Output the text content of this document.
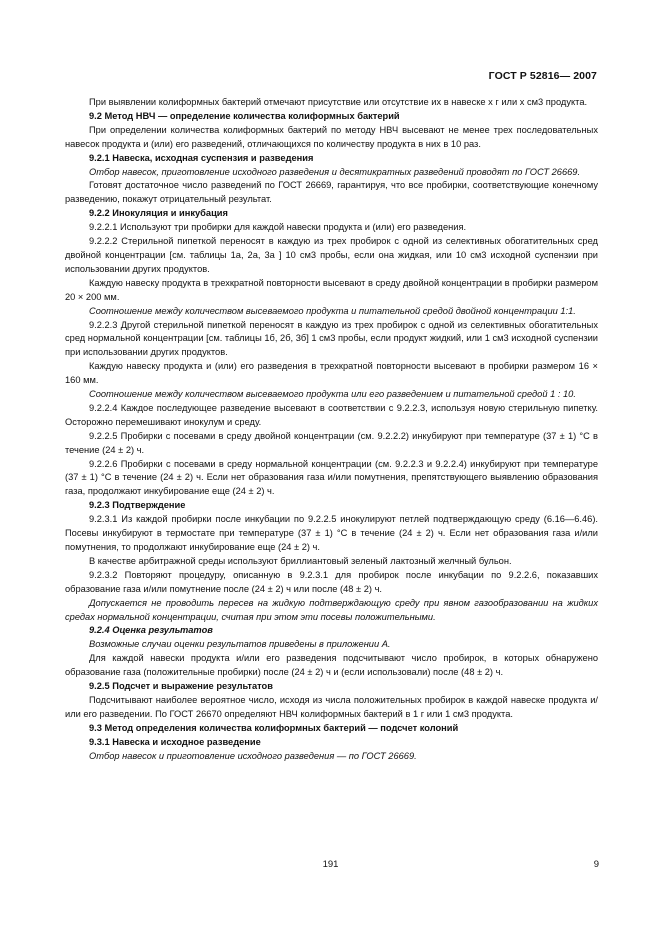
ГОСТ Р 52816— 2007

При выявлении колиформных бактерий отмечают присутствие или отсутствие их в навеске x г или x см3 продукта.

9.2 Метод НВЧ — определение количества колиформных бактерий

При определении количества колиформных бактерий по методу НВЧ высевают не менее трех последовательных навесок продукта и (или) его разведений, отличающихся по количеству продукта в них в 10 раз.

9.2.1 Навеска, исходная суспензия и разведения

Отбор навесок, приготовление исходного разведения и десятикратных разведений проводят по ГОСТ 26669.

Готовят достаточное число разведений по ГОСТ 26669, гарантируя, что все пробирки, соответствующие конечному разведению, покажут отрицательный результат.

9.2.2 Инокуляция и инкубация

9.2.2.1 Используют три пробирки для каждой навески продукта и (или) его разведения.

9.2.2.2 Стерильной пипеткой переносят в каждую из трех пробирок с одной из селективных обогатительных сред двойной концентрации [см. таблицы 1а, 2а, 3а ] 10 см3 пробы, если она жидкая, или 10 см3 исходной суспензии при использовании других продуктов.

Каждую навеску продукта в трехкратной повторности высевают в среду двойной концентрации в пробирки размером 20 × 200 мм.

Соотношение между количеством высеваемого продукта и питательной средой двойной концентрации 1:1.

9.2.2.3 Другой стерильной пипеткой переносят в каждую из трех пробирок с одной из селективных обогатительных сред нормальной концентрации [см. таблицы 1б, 2б, 3б] 1 см3 пробы, если продукт жидкий, или 1 см3 исходной суспензии при использовании других продуктов.

Каждую навеску продукта и (или) его разведения в трехкратной повторности высевают в пробирки размером 16 × 160 мм.

Соотношение между количеством высеваемого продукта или его разведением и питательной средой 1 : 10.

9.2.2.4 Каждое последующее разведение высевают в соответствии с 9.2.2.3, используя новую стерильную пипетку. Осторожно перемешивают инокулум и среду.

9.2.2.5 Пробирки с посевами в среду двойной концентрации (см. 9.2.2.2) инкубируют при температуре (37 ± 1) °С в течение (24 ± 2) ч.

9.2.2.6 Пробирки с посевами в среду нормальной концентрации (см. 9.2.2.3 и 9.2.2.4) инкубируют при температуре (37 ± 1) °С в течение (24 ± 2) ч. Если нет образования газа и/или помутнения, препятствующего выявлению образования газа, продолжают инкубирование еще (24 ± 2) ч.

9.2.3 Подтверждение

9.2.3.1 Из каждой пробирки после инкубации по 9.2.2.5 инокулируют петлей подтверждающую среду (6.16—6.46). Посевы инкубируют в термостате при температуре (37 ± 1) °С в течение (24 ± 2) ч. Если нет образования газа и/или помутнения, то продолжают инкубирование еще (24 ± 2) ч.

В качестве арбитражной среды используют бриллиантовый зеленый лактозный желчный бульон.

9.2.3.2 Повторяют процедуру, описанную в 9.2.3.1 для пробирок после инкубации по 9.2.2.6, показавших образование газа и/или помутнение после (24 ± 2) ч или после (48 ± 2) ч.

Допускается не проводить пересев на жидкую подтверждающую среду при явном газообразовании на жидких средах нормальной концентрации, считая при этом эти посевы положительными.

9.2.4 Оценка результатов

Возможные случаи оценки результатов приведены в приложении А.

Для каждой навески продукта и/или его разведения подсчитывают число пробирок, в которых обнаружено образование газа (положительные пробирки) после (24 ± 2) ч и (если использовали) после (48 ± 2) ч.

9.2.5 Подсчет и выражение результатов

Подсчитывают наиболее вероятное число, исходя из числа положительных пробирок в каждой навеске продукта и/или его разведении. По ГОСТ 26670 определяют НВЧ колиформных бактерий в 1 г или 1 см3 продукта.

9.3 Метод определения количества колиформных бактерий — подсчет колоний

9.3.1 Навеска и исходное разведение

Отбор навесок и приготовление исходного разведения — по ГОСТ 26669.

191	9
